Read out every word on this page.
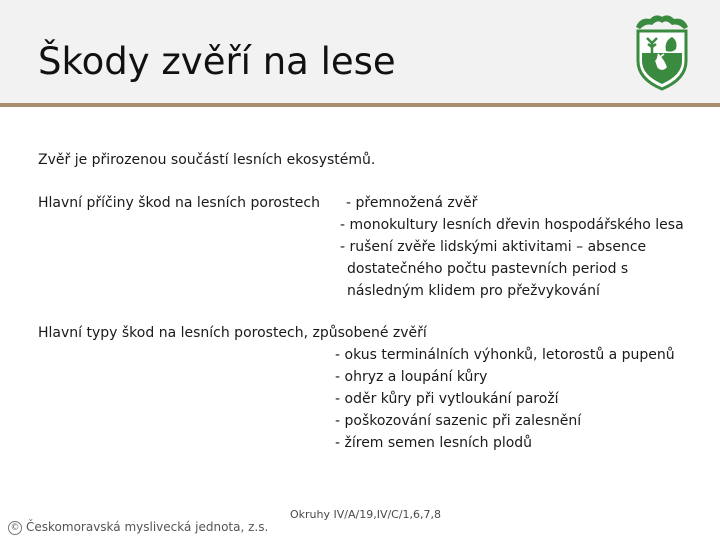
Škody zvěří na lese
Zvěř je přirozenou součástí lesních ekosystémů.
Hlavní příčiny škod na lesních porostech - přemnožená zvěř
- monokultury lesních dřevin hospodářského lesa
- rušení zvěře lidskými aktivitami – absence
dostatečného počtu pastevních period s
následným klidem pro přežvykování
Hlavní typy škod na lesních porostech, způsobené zvěří
- okus terminálních výhonků, letorostů a pupenů
- ohryz a loupání kůry
- oděr kůry při vytloukání paroží
- poškozování sazenic při zalesnění
- žírem semen lesních plodů
Okruhy IV/A/19,IV/C/1,6,7,8
© Českomoravská myslivecká jednota, z.s.
